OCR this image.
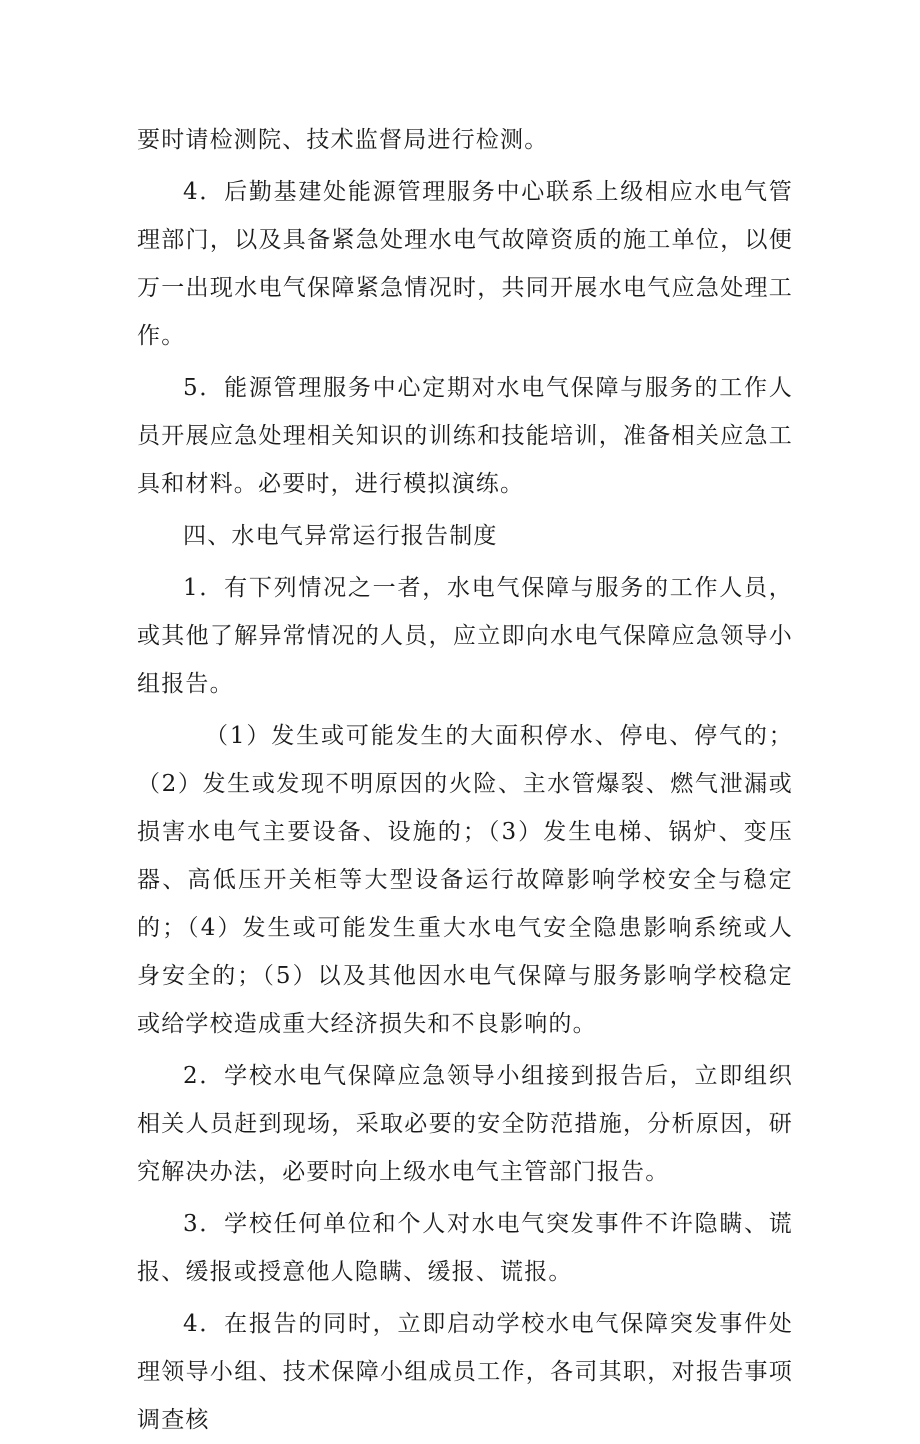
要时请检测院、技术监督局进行检测。

4．后勤基建处能源管理服务中心联系上级相应水电气管理部门，以及具备紧急处理水电气故障资质的施工单位，以便万一出现水电气保障紧急情况时，共同开展水电气应急处理工作。

5．能源管理服务中心定期对水电气保障与服务的工作人员开展应急处理相关知识的训练和技能培训，准备相关应急工具和材料。必要时，进行模拟演练。

四、水电气异常运行报告制度

1．有下列情况之一者，水电气保障与服务的工作人员，或其他了解异常情况的人员，应立即向水电气保障应急领导小组报告。

（1）发生或可能发生的大面积停水、停电、停气的；（2）发生或发现不明原因的火险、主水管爆裂、燃气泄漏或损害水电气主要设备、设施的；（3）发生电梯、锅炉、变压器、高低压开关柜等大型设备运行故障影响学校安全与稳定的；（4）发生或可能发生重大水电气安全隐患影响系统或人身安全的；（5）以及其他因水电气保障与服务影响学校稳定或给学校造成重大经济损失和不良影响的。

2．学校水电气保障应急领导小组接到报告后，立即组织相关人员赶到现场，采取必要的安全防范措施，分析原因，研究解决办法，必要时向上级水电气主管部门报告。

3．学校任何单位和个人对水电气突发事件不许隐瞒、谎报、缓报或授意他人隐瞒、缓报、谎报。

4．在报告的同时，立即启动学校水电气保障突发事件处理领导小组、技术保障小组成员工作，各司其职，对报告事项调查核
